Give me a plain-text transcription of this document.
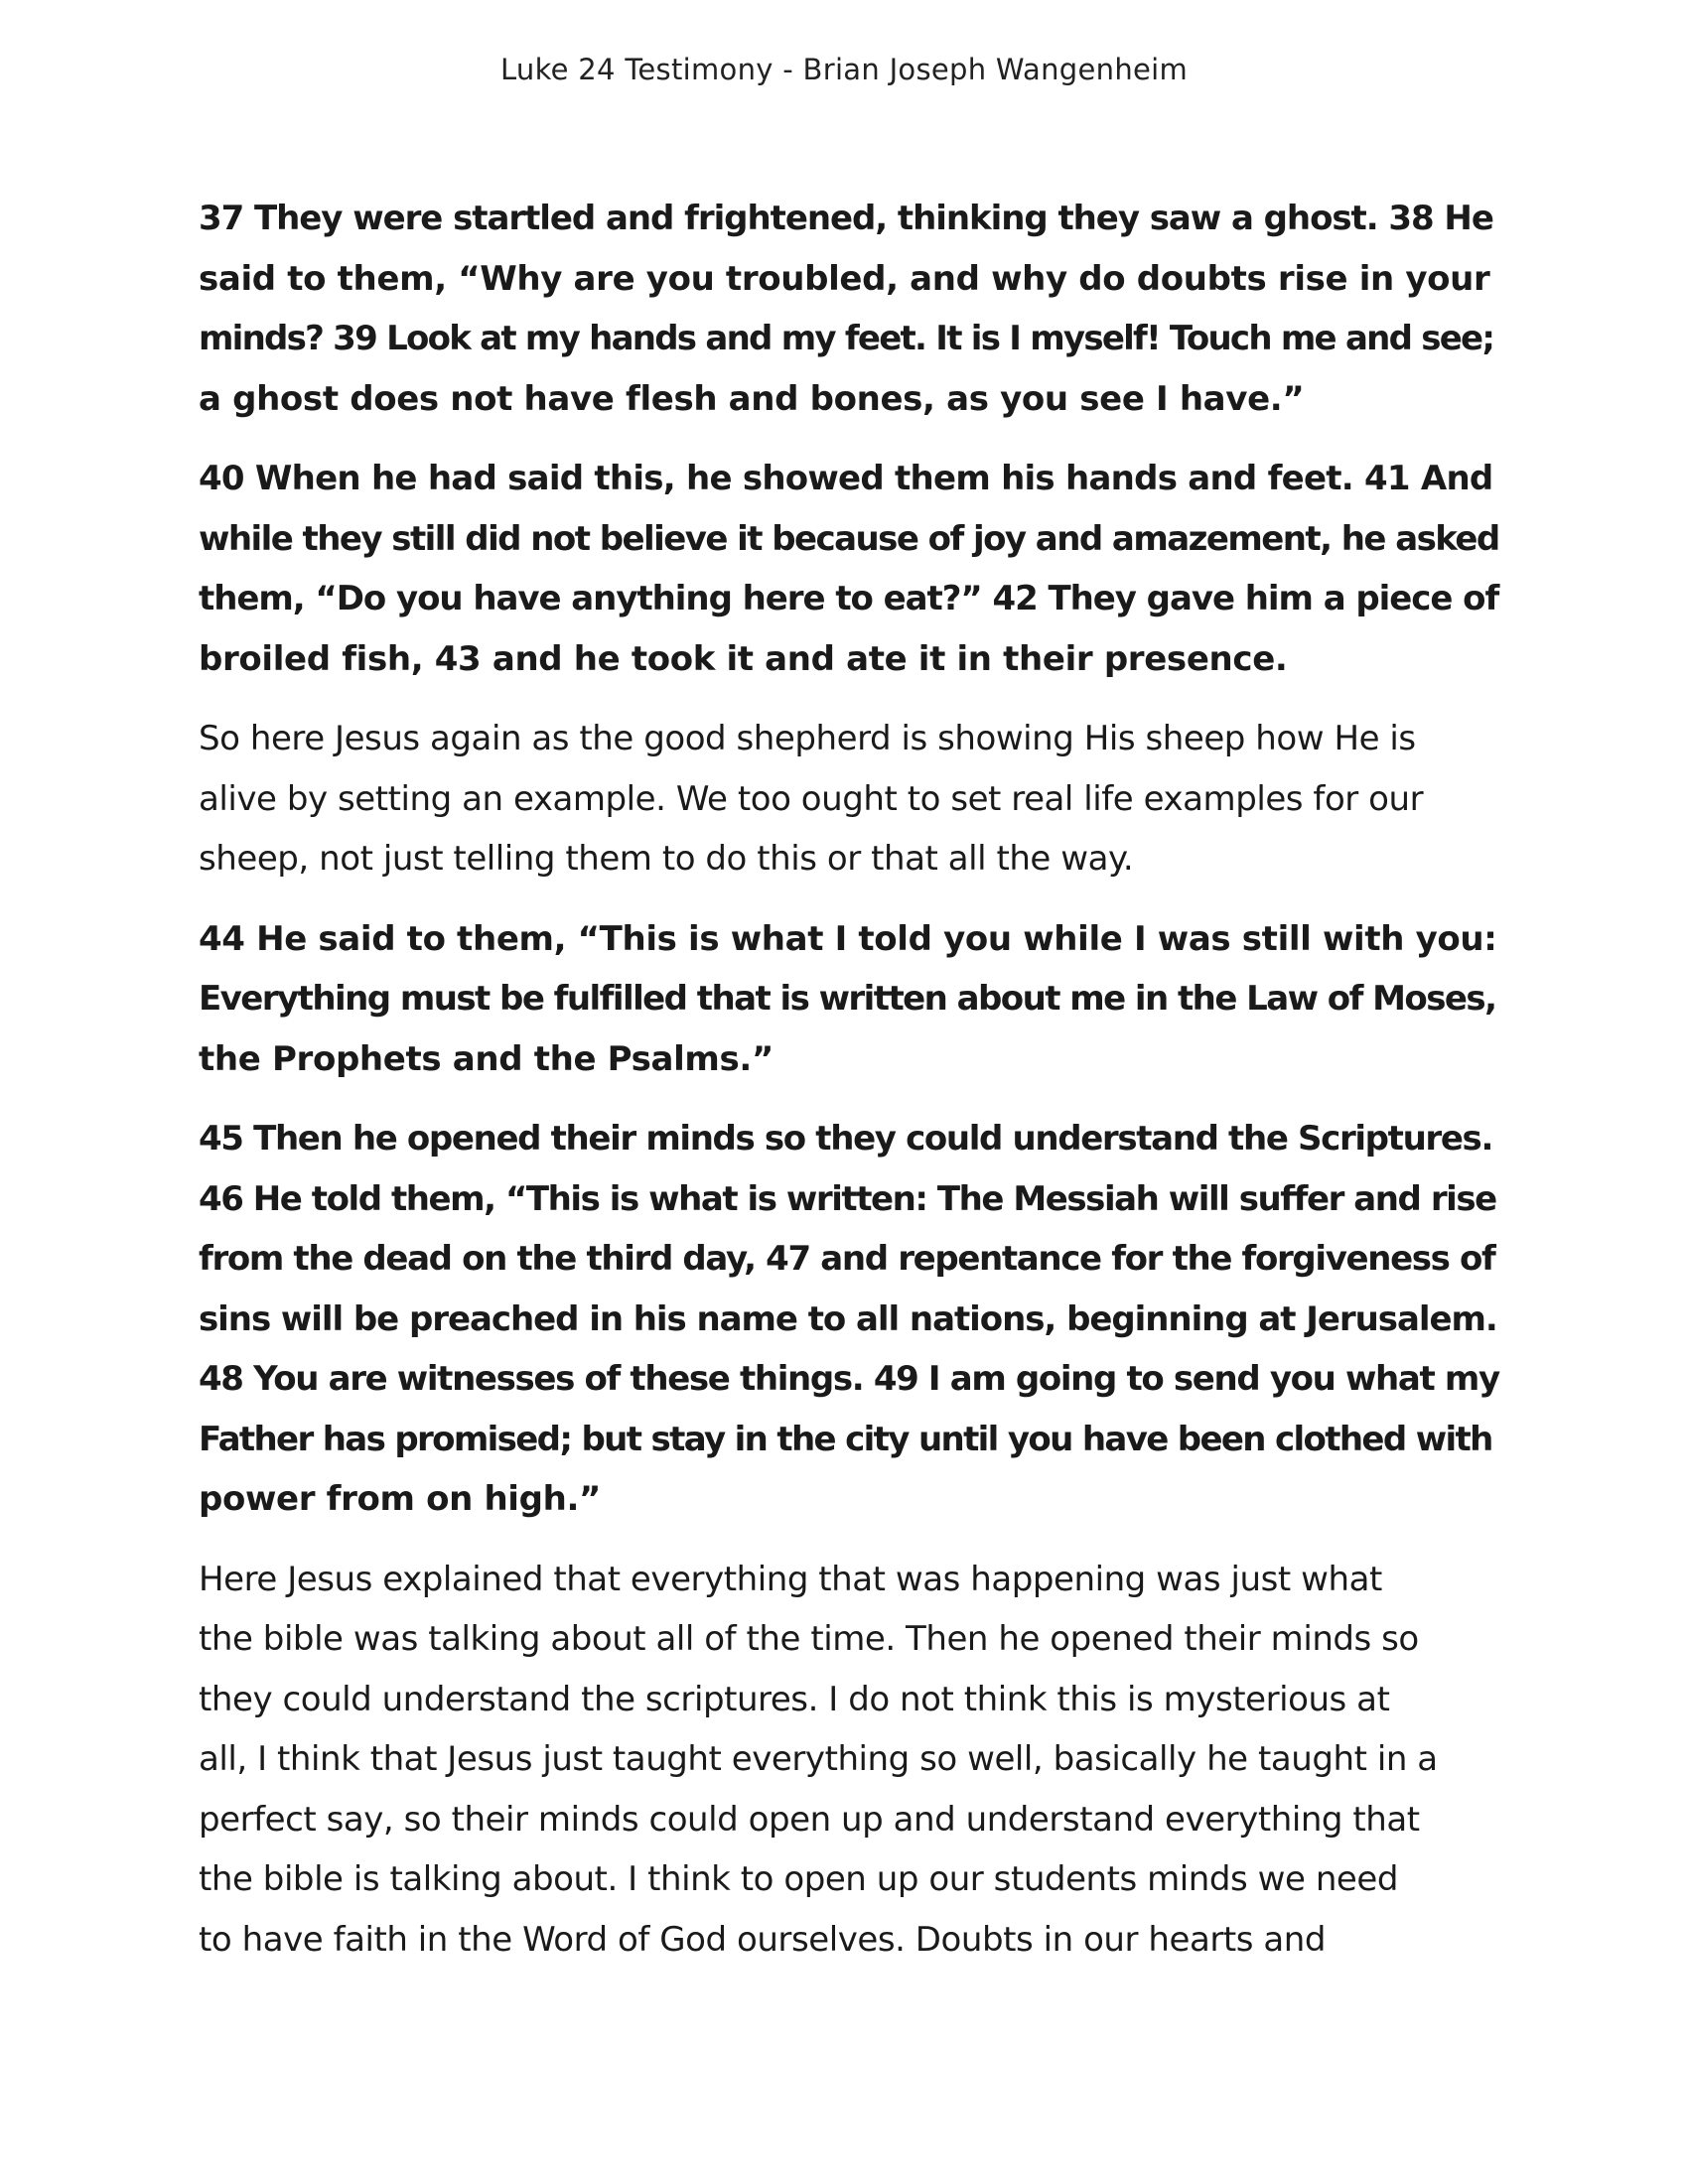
Luke 24 Testimony - Brian Joseph Wangenheim

37 They were startled and frightened, thinking they saw a ghost. 38 He
said to them, “Why are you troubled, and why do doubts rise in your
minds? 39 Look at my hands and my feet. It is I myself! Touch me and see;
a ghost does not have flesh and bones, as you see I have.”

40 When he had said this, he showed them his hands and feet. 41 And
while they still did not believe it because of joy and amazement, he asked
them, “Do you have anything here to eat?” 42 They gave him a piece of
broiled fish, 43 and he took it and ate it in their presence.

So here Jesus again as the good shepherd is showing His sheep how He is
alive by setting an example. We too ought to set real life examples for our
sheep, not just telling them to do this or that all the way.

44 He said to them, “This is what I told you while I was still with you:
Everything must be fulfilled that is written about me in the Law of Moses,
the Prophets and the Psalms.”

45 Then he opened their minds so they could understand the Scriptures.
46 He told them, “This is what is written: The Messiah will suffer and rise
from the dead on the third day, 47 and repentance for the forgiveness of
sins will be preached in his name to all nations, beginning at Jerusalem.
48 You are witnesses of these things. 49 I am going to send you what my
Father has promised; but stay in the city until you have been clothed with
power from on high.”

Here Jesus explained that everything that was happening was just what
the bible was talking about all of the time. Then he opened their minds so
they could understand the scriptures. I do not think this is mysterious at
all, I think that Jesus just taught everything so well, basically he taught in a
perfect say, so their minds could open up and understand everything that
the bible is talking about. I think to open up our students minds we need
to have faith in the Word of God ourselves. Doubts in our hearts and
